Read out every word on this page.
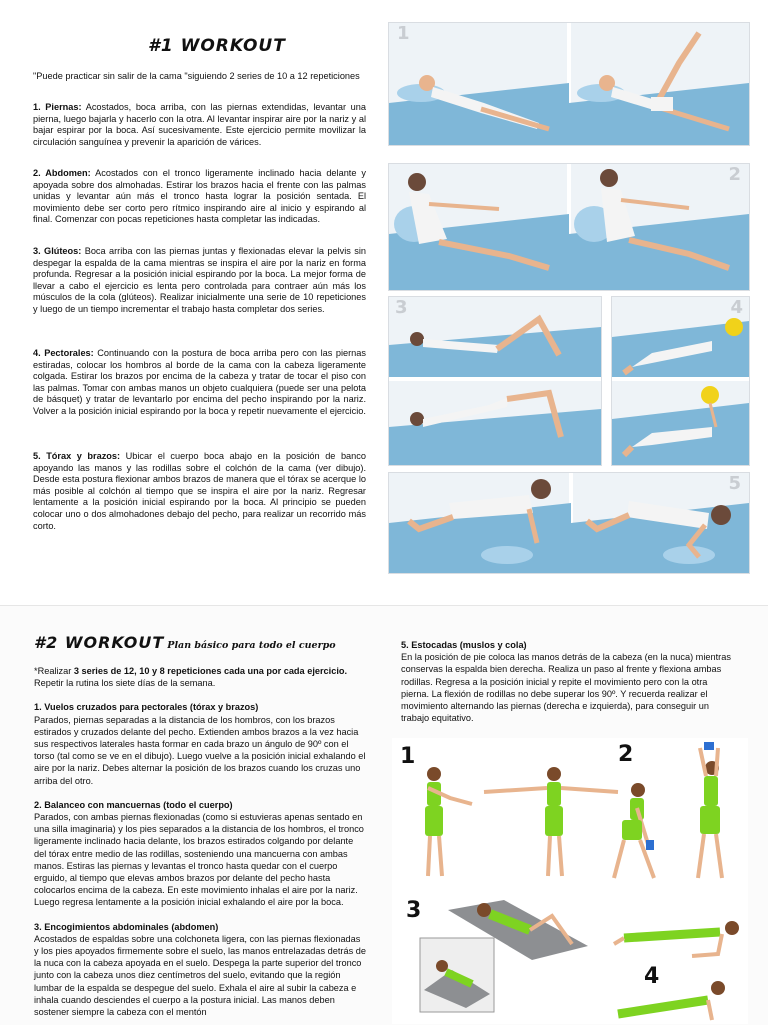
#1 WORKOUT
"Puede practicar sin salir de la cama "siguiendo 2 series de 10 a 12 repeticiones
1. Piernas: Acostados, boca arriba, con las piernas extendidas, levantar una pierna, luego bajarla y hacerlo con la otra. Al levantar inspirar aire por la nariz y al bajar espirar por la boca. Así sucesivamente. Este ejercicio permite movilizar la circulación sanguínea y prevenir la aparición de várices.
2. Abdomen: Acostados con el tronco ligeramente inclinado hacia delante y apoyada sobre dos almohadas. Estirar los brazos hacia el frente con las palmas unidas y levantar aún más el tronco hasta lograr la posición sentada. El movimiento debe ser corto pero rítmico inspirando aire al inicio y espirando al final. Comenzar con pocas repeticiones hasta completar las indicadas.
3. Glúteos: Boca arriba con las piernas juntas y flexionadas elevar la pelvis sin despegar la espalda de la cama mientras se inspira el aire por la nariz en forma profunda. Regresar a la posición inicial espirando por la boca. La mejor forma de llevar a cabo el ejercicio es lenta pero controlada para contraer aún más los músculos de la cola (glúteos). Realizar inicialmente una serie de 10 repeticiones y luego de un tiempo incrementar el trabajo hasta completar dos series.
4. Pectorales: Continuando con la postura de boca arriba pero con las piernas estiradas, colocar los hombros al borde de la cama con la cabeza ligeramente colgada. Estirar los brazos por encima de la cabeza y tratar de tocar el piso con las palmas. Tomar con ambas manos un objeto cualquiera (puede ser una pelota de básquet) y tratar de levantarlo por encima del pecho inspirando por la nariz. Volver a la posición inicial espirando por la boca y repetir nuevamente el ejercicio.
5. Tórax y brazos: Ubicar el cuerpo boca abajo en la posición de banco apoyando las manos y las rodillas sobre el colchón de la cama (ver dibujo). Desde esta postura flexionar ambos brazos de manera que el tórax se acerque lo más posible al colchón al tiempo que se inspira el aire por la nariz. Regresar lentamente a la posición inicial espirando por la boca. Al principio se pueden colocar uno o dos almohadones debajo del pecho, para realizar un recorrido más corto.
1
2
3	4
5
#2 WORKOUT Plan básico para todo el cuerpo

*Realizar 3 series de 12, 10 y 8 repeticiones cada una por cada ejercicio. Repetir la rutina los siete días de la semana.

1. Vuelos cruzados para pectorales (tórax y brazos)

Parados, piernas separadas a la distancia de los hombros, con los brazos estirados y cruzados delante del pecho. Extienden ambos brazos a la vez hacia sus respectivos laterales hasta formar en cada brazo un ángulo de 90º con el torso (tal como se ve en el dibujo). Luego vuelve a la posición inicial exhalando el aire por la nariz. Debes alternar la posición de los brazos cuando los cruzas uno arriba del otro.

2. Balanceo con mancuernas (todo el cuerpo)

Parados, con ambas piernas flexionadas (como si estuvieras apenas sentado en una silla imaginaria) y los pies separados a la distancia de los hombros, el tronco ligeramente inclinado hacia delante, los brazos estirados colgando por delante del tórax entre medio de las rodillas, sosteniendo una mancuerna con ambas manos. Estiras las piernas y levantas el tronco hasta quedar con el cuerpo erguido, al tiempo que elevas ambos brazos por delante del pecho hasta colocarlos encima de la cabeza. En este movimiento inhalas el aire por la nariz. Luego regresa lentamente a la posición inicial exhalando el aire por la boca.

3. Encogimientos abdominales (abdomen)

Acostados de espaldas sobre una colchoneta ligera, con las piernas flexionadas y los pies apoyados firmemente sobre el suelo, las manos entrelazadas detrás de la nuca con la cabeza apoyada en el suelo. Despega la parte superior del tronco junto con la cabeza unos diez centímetros del suelo, evitando que la región lumbar de la espalda se despegue del suelo. Exhala el aire al subir la cabeza e inhala cuando desciendes el cuerpo a la postura inicial. Las manos deben sostener siempre la cabeza con el mentón

5. Estocadas (muslos y cola)

En la posición de pie coloca las manos detrás de la cabeza (en la nuca) mientras conservas la espalda bien derecha. Realiza un paso al frente y flexiona ambas rodillas. Regresa a la posición inicial y repite el movimiento pero con la otra pierna. La flexión de rodillas no debe superar los 90º. Y recuerda realizar el movimiento alternando las piernas (derecha e izquierda), para conseguir un trabajo equitativo.

1	2
3
4
